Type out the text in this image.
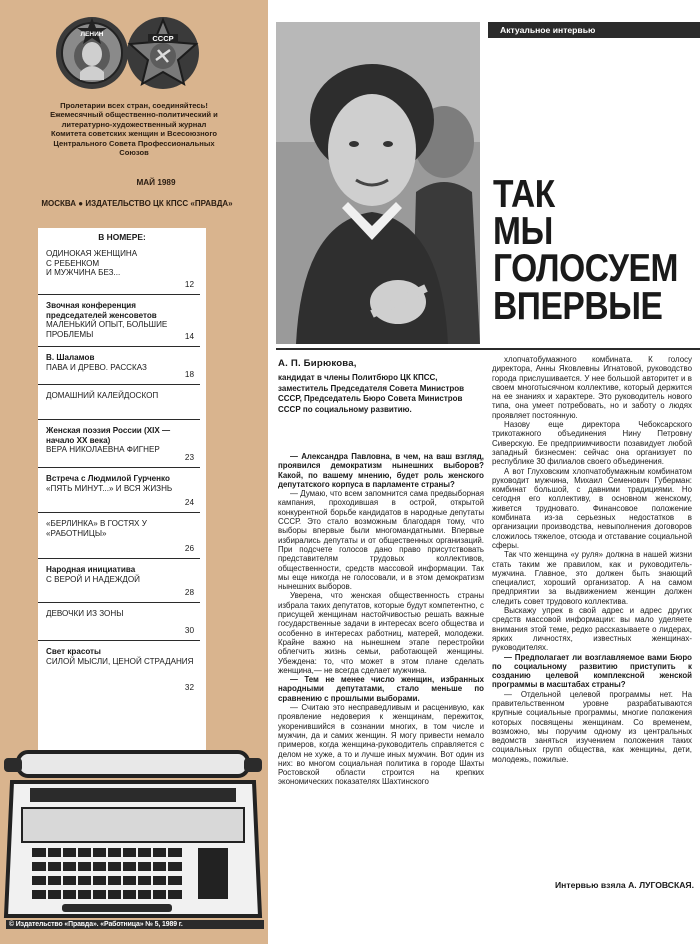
ЛЕНИН	СССР
Пролетарии всех стран, соединяйтесь! Ежемесячный общественно-политический и литературно-художественный журнал Комитета советских женщин и Всесоюзного Центрального Совета Профессиональных Союзов
МАЙ 1989
МОСКВА ● ИЗДАТЕЛЬСТВО ЦК КПСС «ПРАВДА»
В НОМЕРЕ:
ОДИНОКАЯ ЖЕНЩИНА
С РЕБЕНКОМ
И МУЖЧИНА БЕЗ...
12
Звочная конференция председателей женсоветов
МАЛЕНЬКИЙ ОПЫТ, БОЛЬШИЕ ПРОБЛЕМЫ	14
В. Шаламов
ПАВА И ДРЕВО. РАССКАЗ
18
ДОМАШНИЙ КАЛЕЙДОСКОП
Женская поэзия России (XIX — начало XX века)
ВЕРА НИКОЛАЕВНА ФИГНЕР
23
Встреча с Людмилой Гурченко
«ПЯТЬ МИНУТ...» И ВСЯ ЖИЗНЬ
24
«БЕРЛИНКА» В ГОСТЯХ У «РАБОТНИЦЫ»
26
Народная инициатива
С ВЕРОЙ И НАДЕЖДОЙ
28
ДЕВОЧКИ ИЗ ЗОНЫ
30
Свет красоты
СИЛОЙ МЫСЛИ, ЦЕНОЙ СТРАДАНИЯ
32
© Издательство «Правда». «Работница» № 5, 1989 г.
Актуальное интервью
ТАК
МЫ
ГОЛОСУЕМ
ВПЕРВЫЕ
А. П. Бирюкова,
кандидат в члены Политбюро ЦК КПСС, заместитель Председателя Совета Министров СССР, Председатель Бюро Совета Министров СССР по социальному развитию.

— Александра Павловна, в чем, на ваш взгляд, проявился демократизм нынешних выборов? Какой, по вашему мнению, будет роль женского депутатского корпуса в парламенте страны?

— Думаю, что всем запомнится сама предвыборная кампания, проходившая в острой, открытой конкурентной борьбе кандидатов в народные депутаты СССР. Это стало возможным благодаря тому, что выборы впервые были многомандатными. Впервые избирались депутаты и от общественных организаций. При подсчете голосов дано право присутствовать представителям трудовых коллективов, общественности, средств массовой информации. Так мы еще никогда не голосовали, и в этом демократизм нынешних выборов.

Уверена, что женская общественность страны избрала таких депутатов, которые будут компетентно, с присущей женщинам настойчивостью решать важные государственные задачи в интересах всего общества и особенно в интересах работниц, матерей, молодежи. Крайне важно на нынешнем этапе перестройки облегчить жизнь семьи, работающей женщины. Убеждена: то, что может в этом плане сделать женщина,— не всегда сделает мужчина.

— Тем не менее число женщин, избранных народными депутатами, стало меньше по сравнению с прошлыми выборами.

— Считаю это несправедливым и расценивую, как проявление недоверия к женщинам, пережиток, укоренившийся в сознании многих, в том числе и мужчин, да и самих женщин. Я могу привести немало примеров, когда женщина-руководитель справляется с делом не хуже, а то и лучше иных мужчин. Вот один из них: во многом социальная политика в городе Шахты Ростовской области строится на крепких экономических показателях Шахтинского

хлопчатобумажного комбината. К голосу директора, Анны Яковлевны Игнатовой, руководство города прислушивается. У нее большой авторитет и в своем многотысячном коллективе, который держится на ее знаниях и характере. Это руководитель нового типа, она умеет потребовать, но и заботу о людях проявляет постоянную.

Назову еще директора Чебоксарского трикотажного объединения Нину Петровну Сиверскую. Ее предприимчивости позавидует любой западный бизнесмен: сейчас она организует по республике 30 филиалов своего объединения.

А вот Глуховским хлопчатобумажным комбинатом руководит мужчина, Михаил Семенович Губерман: комбинат большой, с давними традициями. Но сегодня его коллективу, в основном женскому, живется трудновато. Финансовое положение комбината из-за серьезных недостатков в организации производства, невыполнения договоров сложилось тяжелое, отсюда и отставание социальной сферы.

Так что женщина «у руля» должна в нашей жизни стать таким же правилом, как и руководитель-мужчина. Главное, это должен быть знающий специалист, хороший организатор. А на самом предприятии за выдвижением женщин должен следить совет трудового коллектива.

Выскажу упрек в свой адрес и адрес других средств массовой информации: вы мало уделяете внимания этой теме, редко рассказываете о лидерах, ярких личностях, известных женщинах-руководителях.

— Предполагает ли возглавляемое вами Бюро по социальному развитию приступить к созданию целевой комплексной женской программы в масштабах страны?

— Отдельной целевой программы нет. На правительственном уровне разрабатываются крупные социальные программы, многие положения которых посвящены женщинам. Со временем, возможно, мы поручим одному из центральных ведомств заняться изучением положения таких социальных групп общества, как женщины, дети, молодежь, пожилые.

Интервью взяла А. ЛУГОВСКАЯ.
